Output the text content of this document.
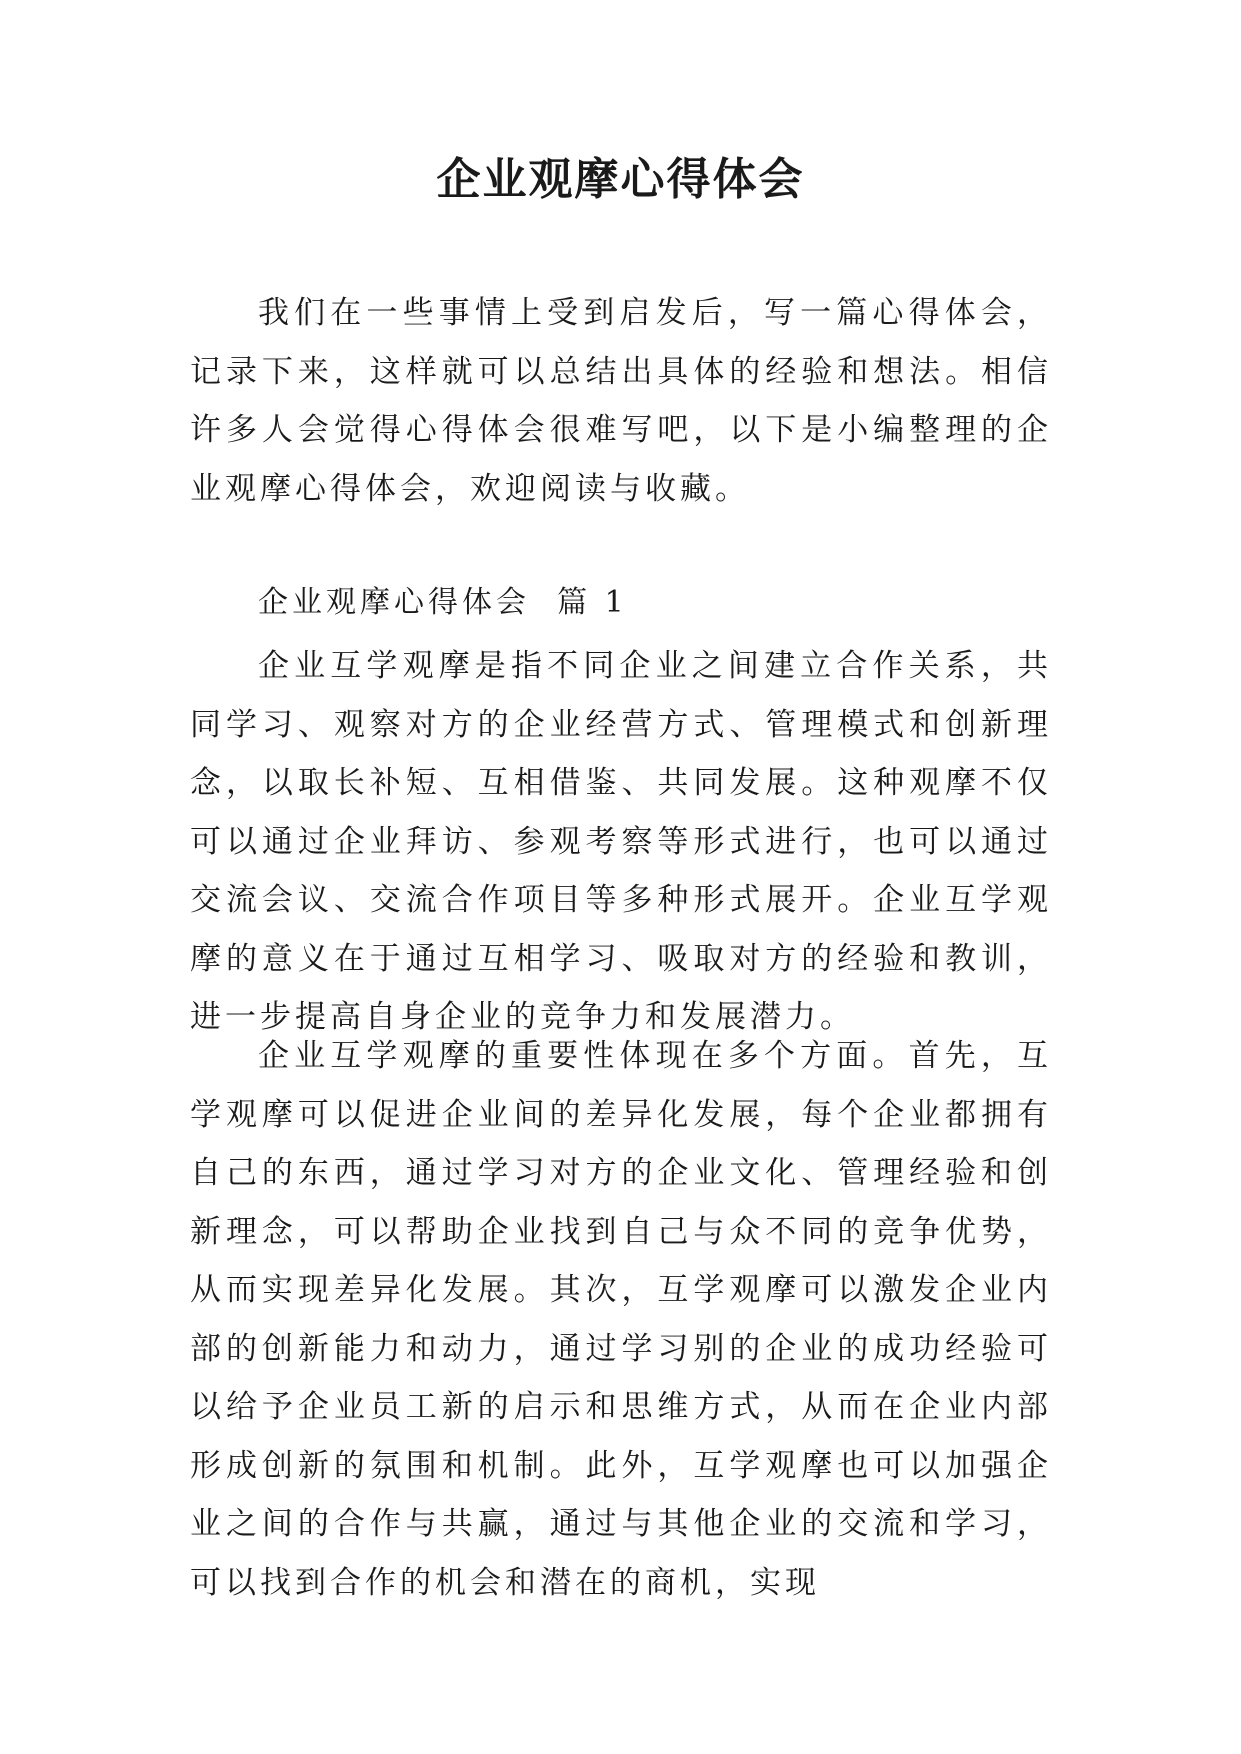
企业观摩心得体会

我们在一些事情上受到启发后，写一篇心得体会，记录下来，这样就可以总结出具体的经验和想法。相信许多人会觉得心得体会很难写吧，以下是小编整理的企业观摩心得体会，欢迎阅读与收藏。

企业观摩心得体会  篇 1

企业互学观摩是指不同企业之间建立合作关系，共同学习、观察对方的企业经营方式、管理模式和创新理念，以取长补短、互相借鉴、共同发展。这种观摩不仅可以通过企业拜访、参观考察等形式进行，也可以通过交流会议、交流合作项目等多种形式展开。企业互学观摩的意义在于通过互相学习、吸取对方的经验和教训，进一步提高自身企业的竞争力和发展潜力。

企业互学观摩的重要性体现在多个方面。首先，互学观摩可以促进企业间的差异化发展，每个企业都拥有自己的东西，通过学习对方的企业文化、管理经验和创新理念，可以帮助企业找到自己与众不同的竞争优势，从而实现差异化发展。其次，互学观摩可以激发企业内部的创新能力和动力，通过学习别的企业的成功经验可以给予企业员工新的启示和思维方式，从而在企业内部形成创新的氛围和机制。此外，互学观摩也可以加强企业之间的合作与共赢，通过与其他企业的交流和学习，可以找到合作的机会和潜在的商机，实现
